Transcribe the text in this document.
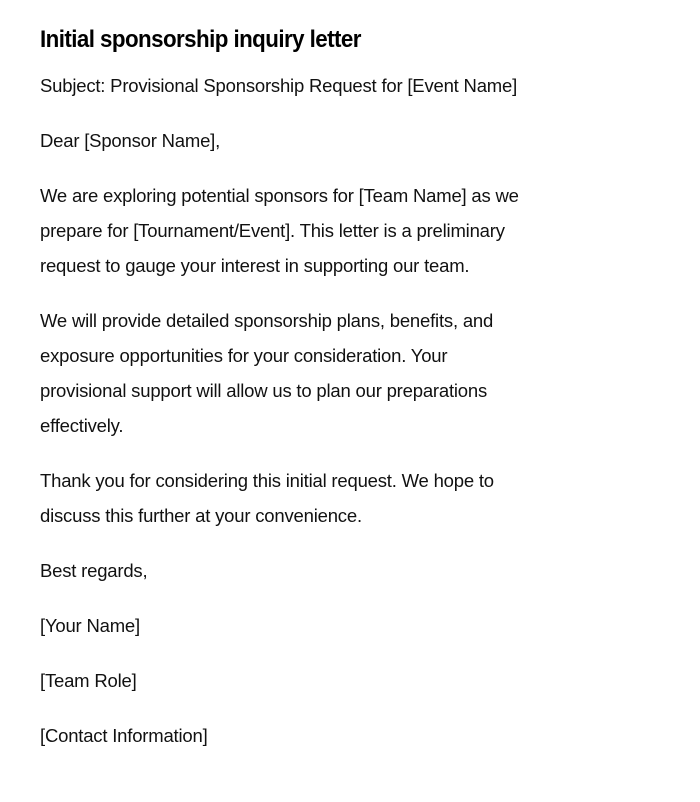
Initial sponsorship inquiry letter
Subject: Provisional Sponsorship Request for [Event Name]
Dear [Sponsor Name],
We are exploring potential sponsors for [Team Name] as we
prepare for [Tournament/Event]. This letter is a preliminary
request to gauge your interest in supporting our team.
We will provide detailed sponsorship plans, benefits, and
exposure opportunities for your consideration. Your
provisional support will allow us to plan our preparations
effectively.
Thank you for considering this initial request. We hope to
discuss this further at your convenience.
Best regards,
[Your Name]
[Team Role]
[Contact Information]
